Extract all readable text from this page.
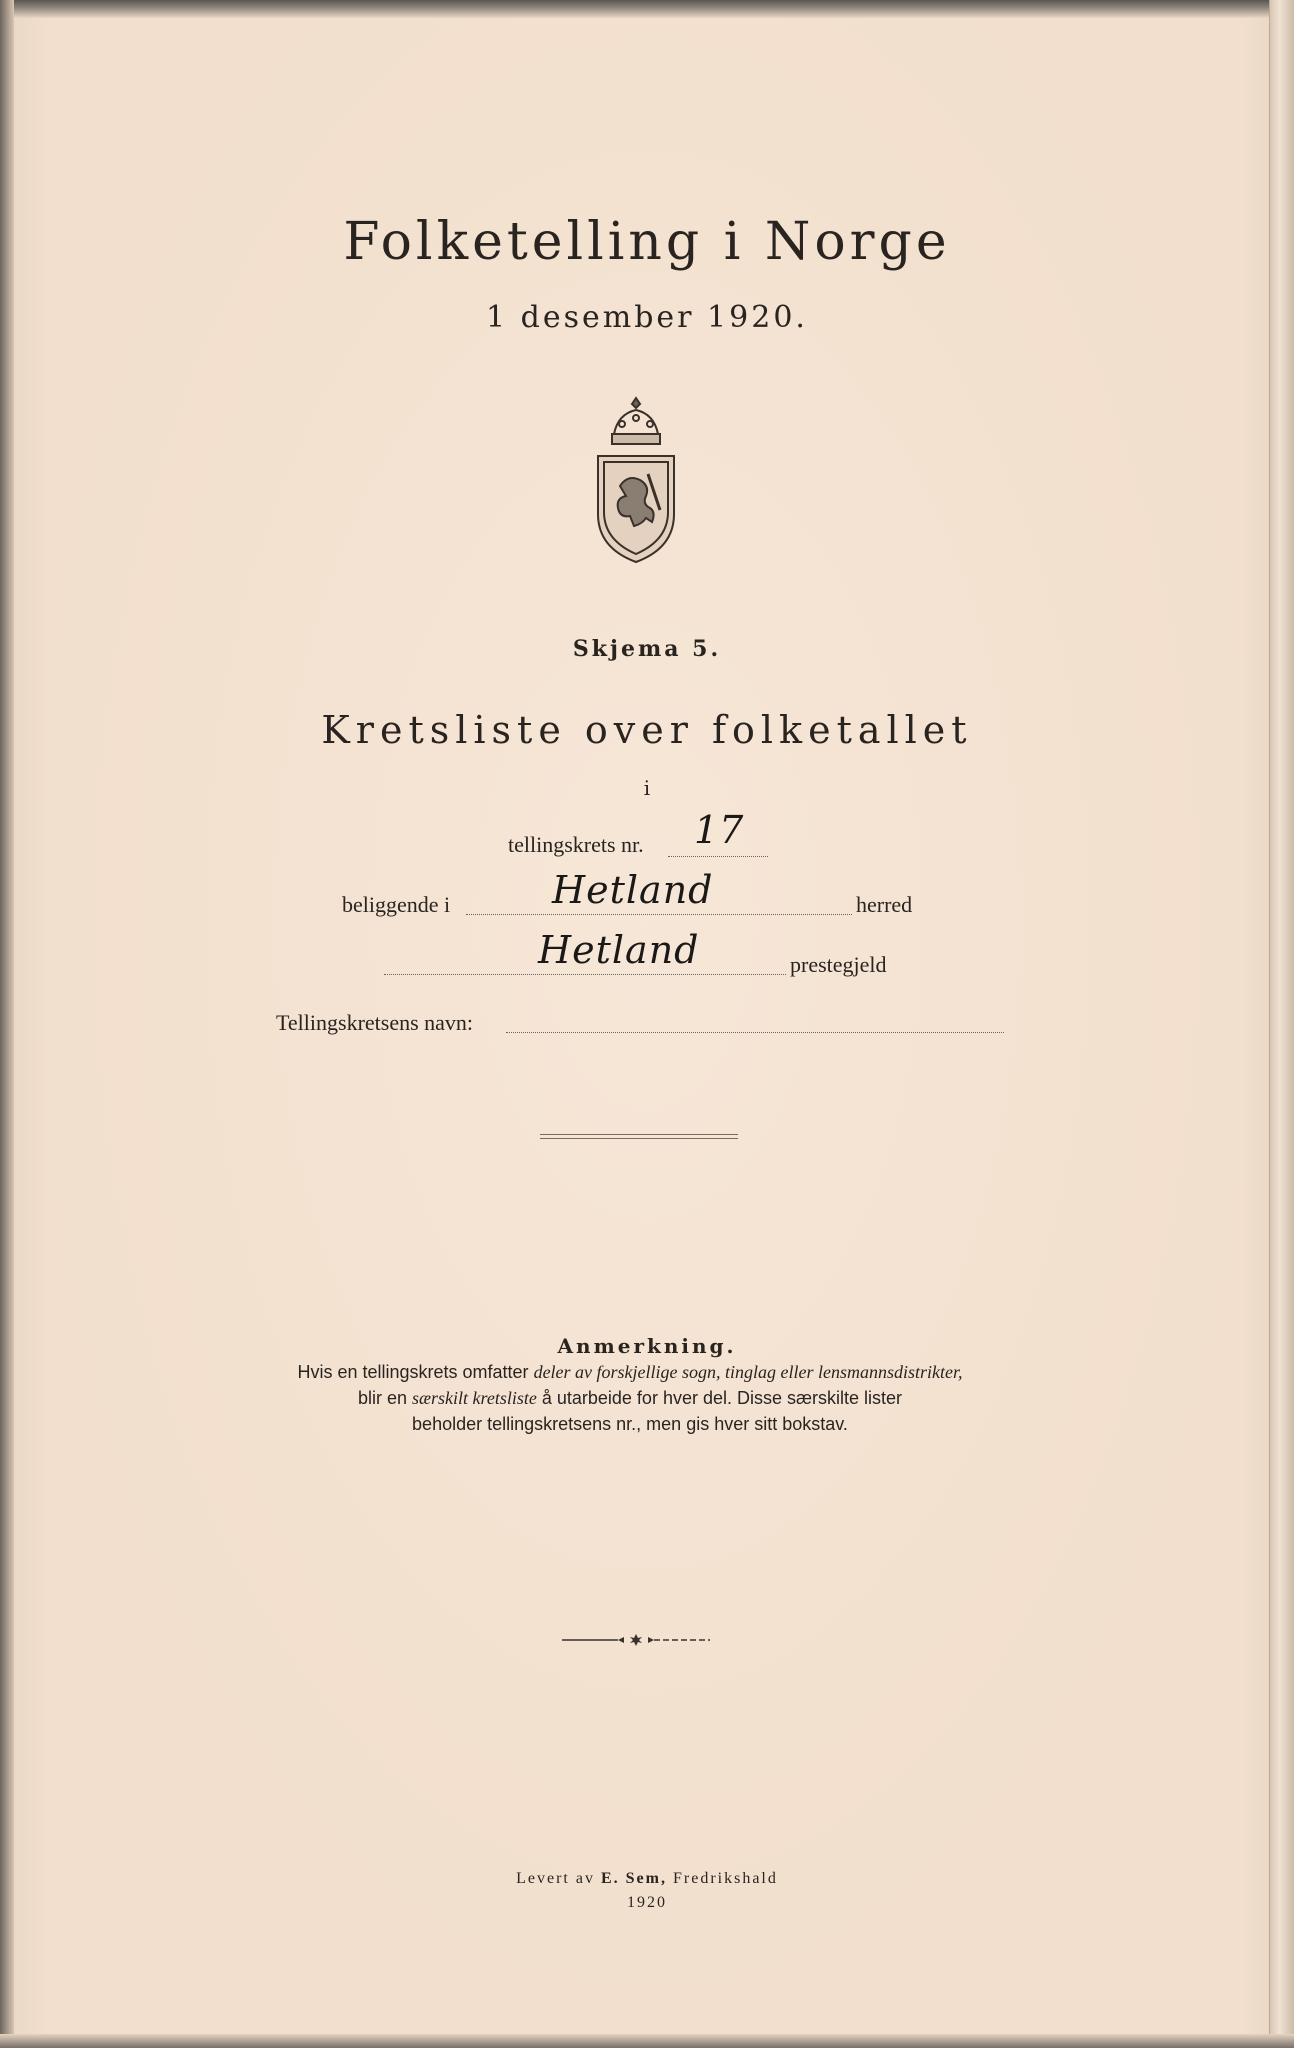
Folketelling i Norge
1 desember 1920.
Skjema 5.
Kretsliste over folketallet
i
tellingskrets nr. 17
beliggende i	Hetland	herred
Hetland	prestegjeld
Tellingskretsens navn:
Anmerkning.
Hvis en tellingskrets omfatter deler av forskjellige sogn, tinglag eller lensmannsdistrikter,
blir en særskilt kretsliste å utarbeide for hver del. Disse særskilte lister
beholder tellingskretsens nr., men gis hver sitt bokstav.
Levert av E. Sem, Fredrikshald
1920
